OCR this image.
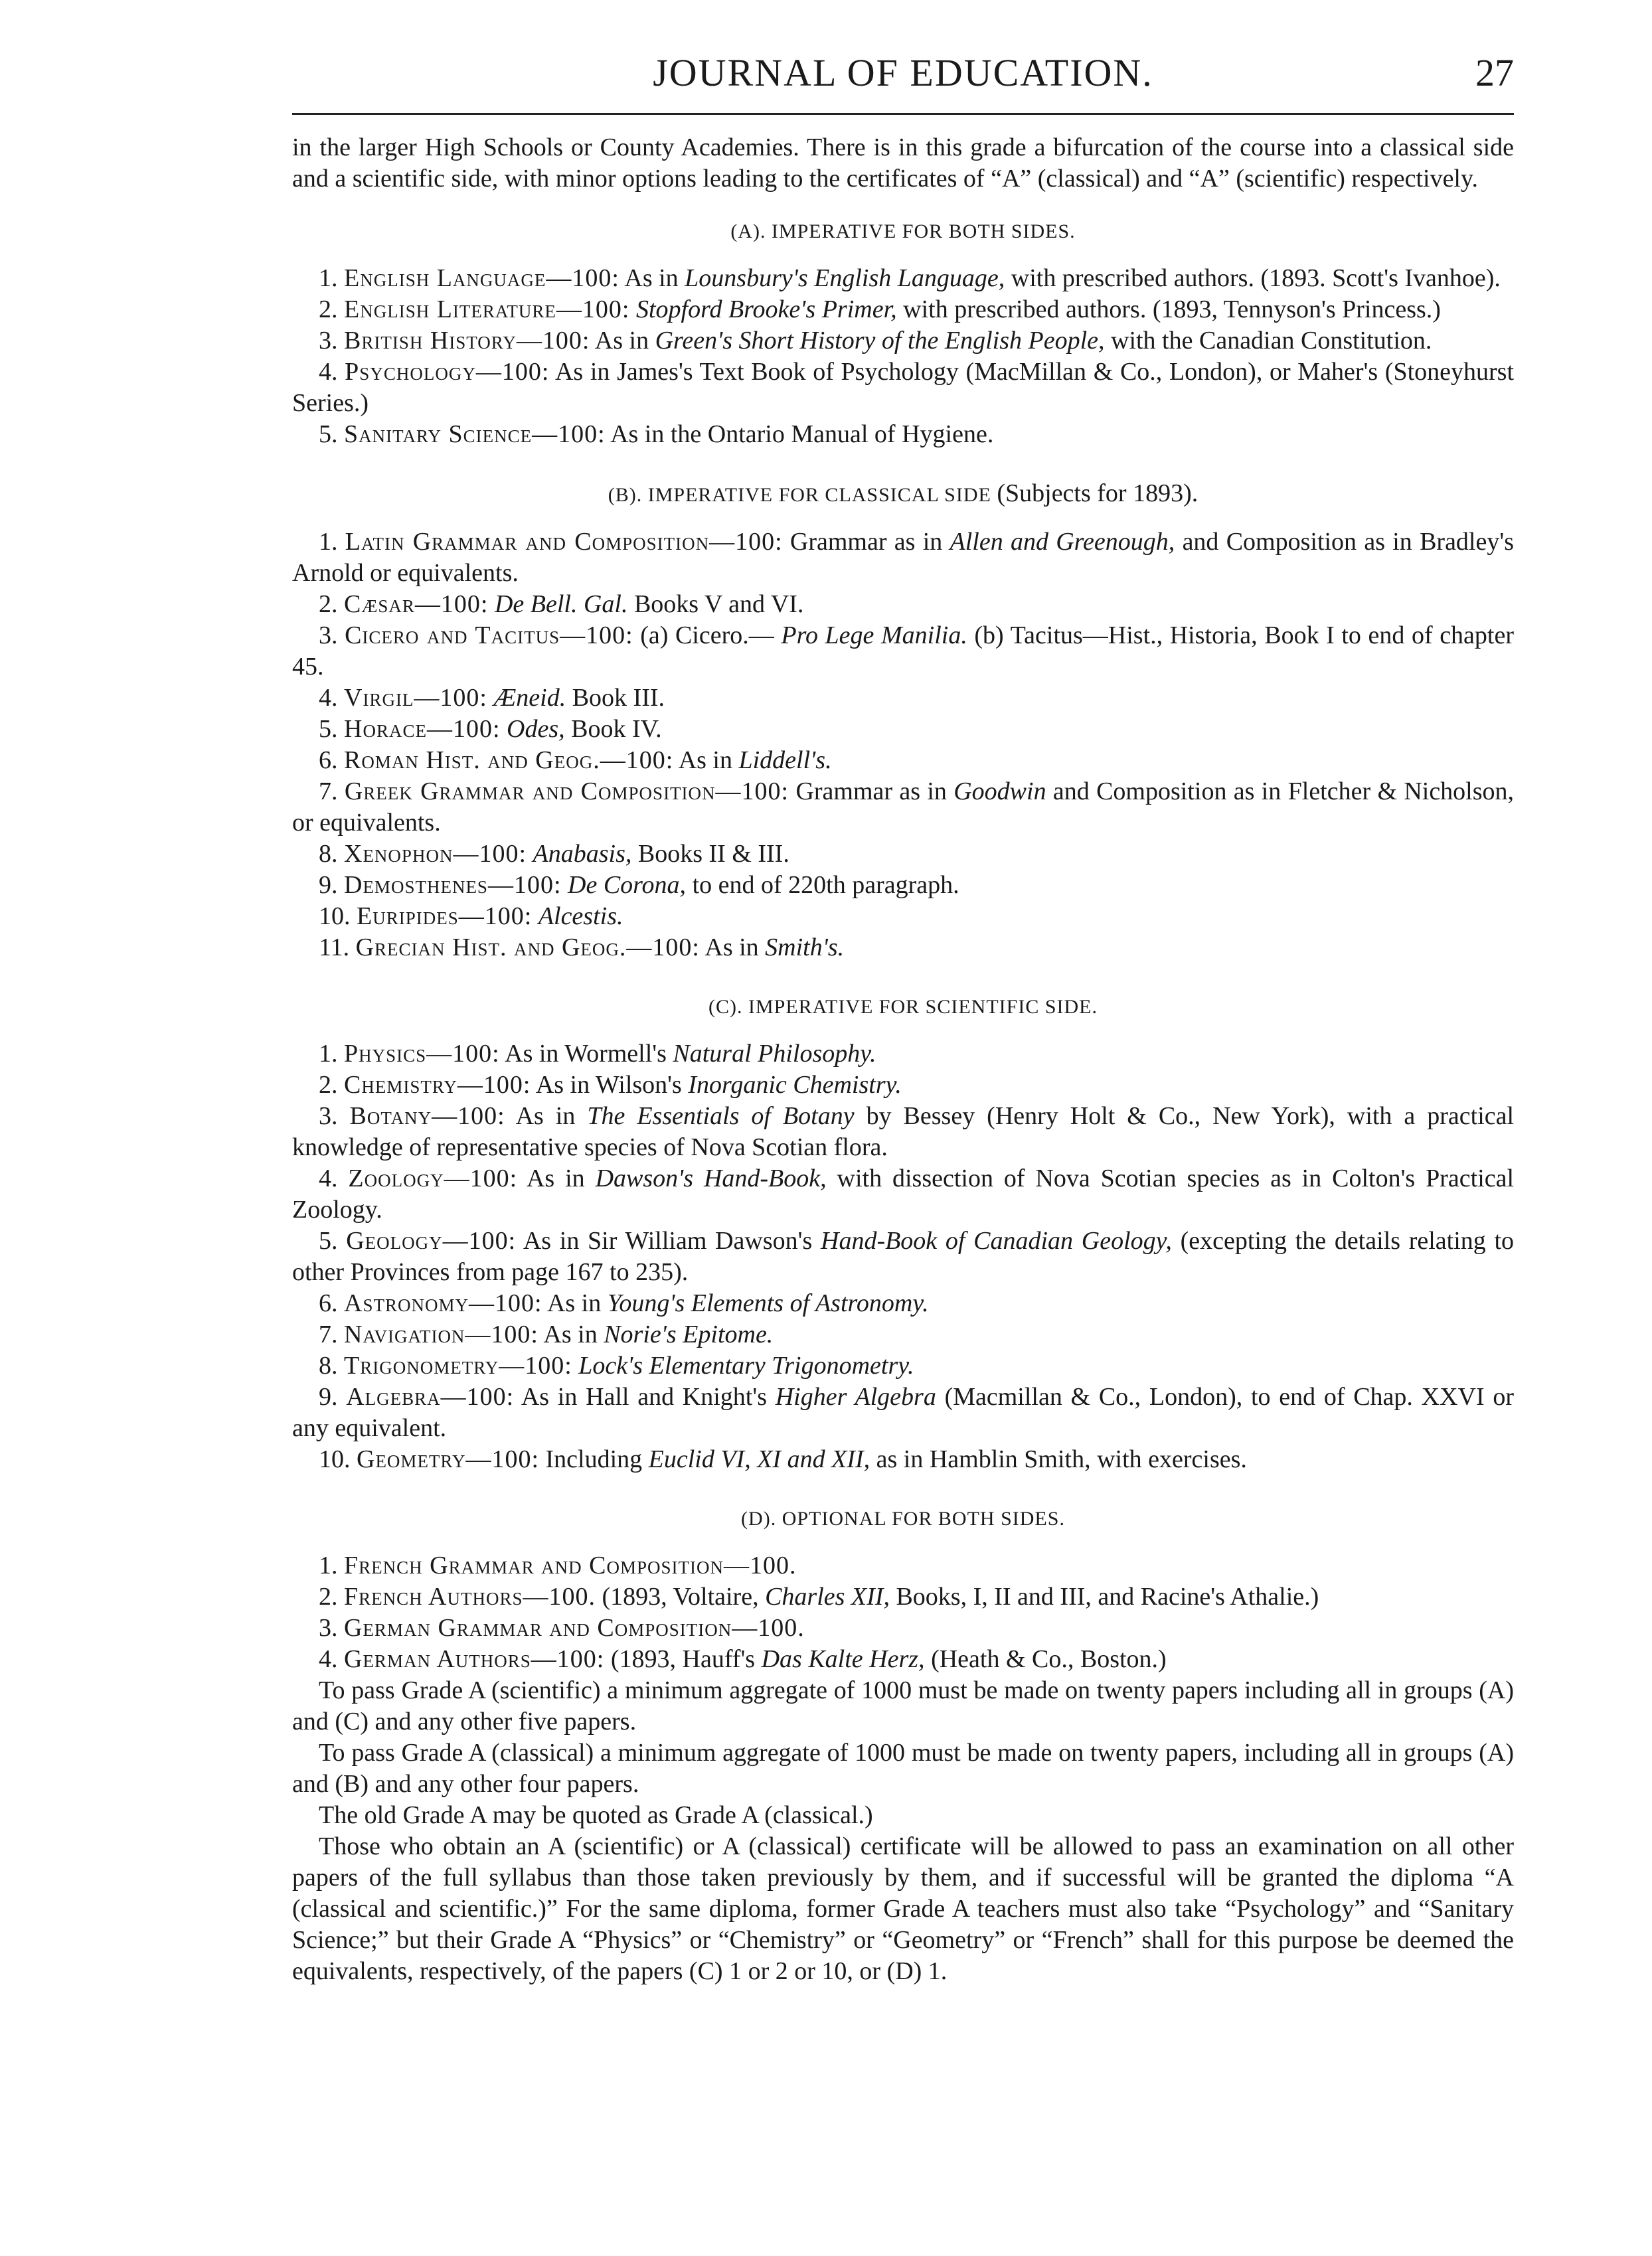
JOURNAL OF EDUCATION.	27

in the larger High Schools or County Academies. There is in this grade a bifurcation of the course into a classical side and a scientific side, with minor options leading to the certificates of “A” (classical) and “A” (scientific) respectively.

(A). IMPERATIVE FOR BOTH SIDES.

1. English Language—100: As in Lounsbury's English Language, with prescribed authors. (1893. Scott's Ivanhoe).

2. English Literature—100: Stopford Brooke's Primer, with prescribed authors. (1893, Tennyson's Princess.)

3. British History—100: As in Green's Short History of the English People, with the Canadian Constitution.

4. Psychology—100: As in James's Text Book of Psychology (MacMillan & Co., London), or Maher's (Stoneyhurst Series.)

5. Sanitary Science—100: As in the Ontario Manual of Hygiene.

(B). IMPERATIVE FOR CLASSICAL SIDE (Subjects for 1893).

1. Latin Grammar and Composition—100: Grammar as in Allen and Greenough, and Composition as in Bradley's Arnold or equivalents.

2. Cæsar—100: De Bell. Gal. Books V and VI.

3. Cicero and Tacitus—100: (a) Cicero.— Pro Lege Manilia. (b) Tacitus—Hist., Historia, Book I to end of chapter 45.

4. Virgil—100: Æneid. Book III.

5. Horace—100: Odes, Book IV.

6. Roman Hist. and Geog.—100: As in Liddell's.

7. Greek Grammar and Composition—100: Grammar as in Goodwin and Composition as in Fletcher & Nicholson, or equivalents.

8. Xenophon—100: Anabasis, Books II & III.

9. Demosthenes—100: De Corona, to end of 220th paragraph.

10. Euripides—100: Alcestis.

11. Grecian Hist. and Geog.—100: As in Smith's.

(C). IMPERATIVE FOR SCIENTIFIC SIDE.

1. Physics—100: As in Wormell's Natural Philosophy.

2. Chemistry—100: As in Wilson's Inorganic Chemistry.

3. Botany—100: As in The Essentials of Botany by Bessey (Henry Holt & Co., New York), with a practical knowledge of representative species of Nova Scotian flora.

4. Zoology—100: As in Dawson's Hand-Book, with dissection of Nova Scotian species as in Colton's Practical Zoology.

5. Geology—100: As in Sir William Dawson's Hand-Book of Canadian Geology, (excepting the details relating to other Provinces from page 167 to 235).

6. Astronomy—100: As in Young's Elements of Astronomy.

7. Navigation—100: As in Norie's Epitome.

8. Trigonometry—100: Lock's Elementary Trigonometry.

9. Algebra—100: As in Hall and Knight's Higher Algebra (Macmillan & Co., London), to end of Chap. XXVI or any equivalent.

10. Geometry—100: Including Euclid VI, XI and XII, as in Hamblin Smith, with exercises.

(D). OPTIONAL FOR BOTH SIDES.

1. French Grammar and Composition—100.

2. French Authors—100. (1893, Voltaire, Charles XII, Books, I, II and III, and Racine's Athalie.)

3. German Grammar and Composition—100.

4. German Authors—100: (1893, Hauff's Das Kalte Herz, (Heath & Co., Boston.)

To pass Grade A (scientific) a minimum aggregate of 1000 must be made on twenty papers including all in groups (A) and (C) and any other five papers.

To pass Grade A (classical) a minimum aggregate of 1000 must be made on twenty papers, including all in groups (A) and (B) and any other four papers.

The old Grade A may be quoted as Grade A (classical.)

Those who obtain an A (scientific) or A (classical) certificate will be allowed to pass an examination on all other papers of the full syllabus than those taken previously by them, and if successful will be granted the diploma “A (classical and scientific.)” For the same diploma, former Grade A teachers must also take “Psychology” and “Sanitary Science;” but their Grade A “Physics” or “Chemistry” or “Geometry” or “French” shall for this purpose be deemed the equivalents, respectively, of the papers (C) 1 or 2 or 10, or (D) 1.
